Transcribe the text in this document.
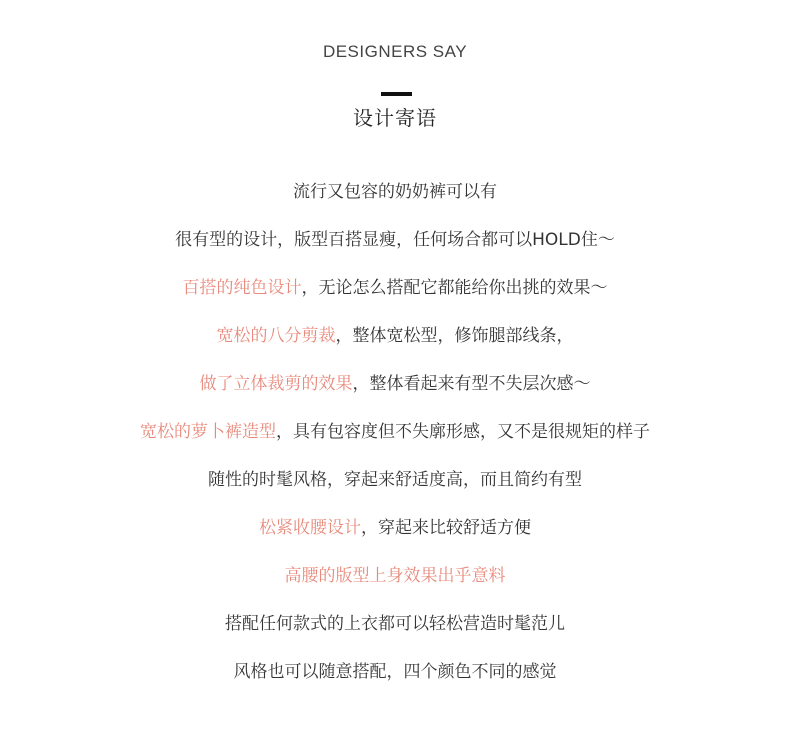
DESIGNERS SAY
设计寄语
流行又包容的奶奶裤可以有
很有型的设计，版型百搭显瘦，任何场合都可以HOLD住～
百搭的纯色设计，无论怎么搭配它都能给你出挑的效果～
宽松的八分剪裁，整体宽松型，修饰腿部线条，
做了立体裁剪的效果，整体看起来有型不失层次感～
宽松的萝卜裤造型，具有包容度但不失廓形感，又不是很规矩的样子
随性的时髦风格，穿起来舒适度高，而且简约有型
松紧收腰设计，穿起来比较舒适方便
高腰的版型上身效果出乎意料
搭配任何款式的上衣都可以轻松营造时髦范儿
风格也可以随意搭配，四个颜色不同的感觉
